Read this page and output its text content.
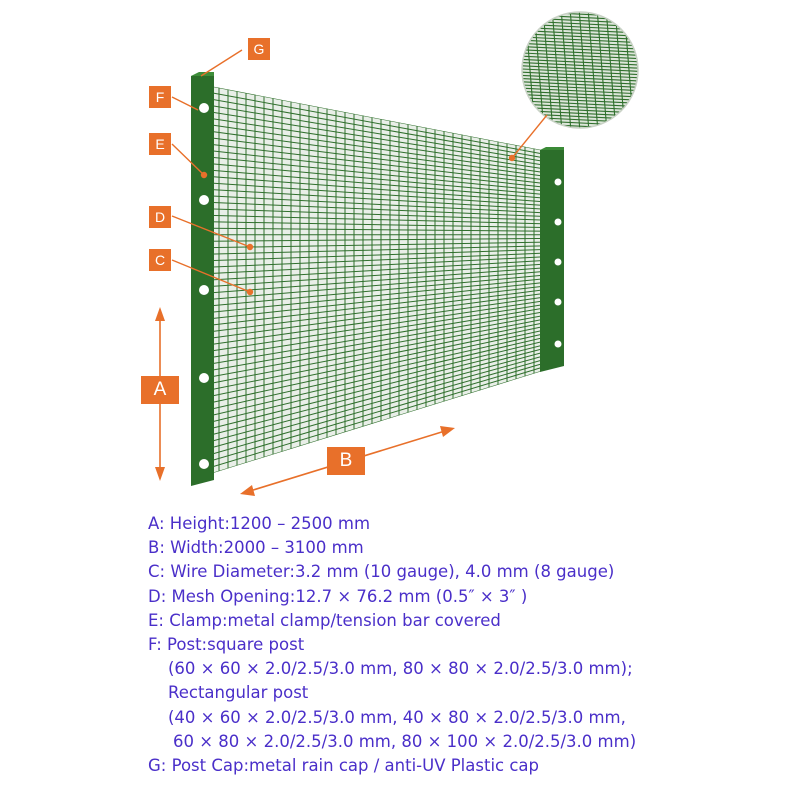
G
F
E
D
C
A
B
A: Height:1200 – 2500 mm
B: Width:2000 – 3100 mm
C: Wire Diameter:3.2 mm (10 gauge), 4.0 mm (8 gauge)
D: Mesh Opening:12.7 × 76.2 mm (0.5″ × 3″ )
E: Clamp:metal clamp/tension bar covered
F: Post:square post
(60 × 60 × 2.0/2.5/3.0 mm, 80 × 80 × 2.0/2.5/3.0 mm);
Rectangular post
(40 × 60 × 2.0/2.5/3.0 mm, 40 × 80 × 2.0/2.5/3.0 mm,
60 × 80 × 2.0/2.5/3.0 mm, 80 × 100 × 2.0/2.5/3.0 mm)
G: Post Cap:metal rain cap / anti-UV Plastic cap
